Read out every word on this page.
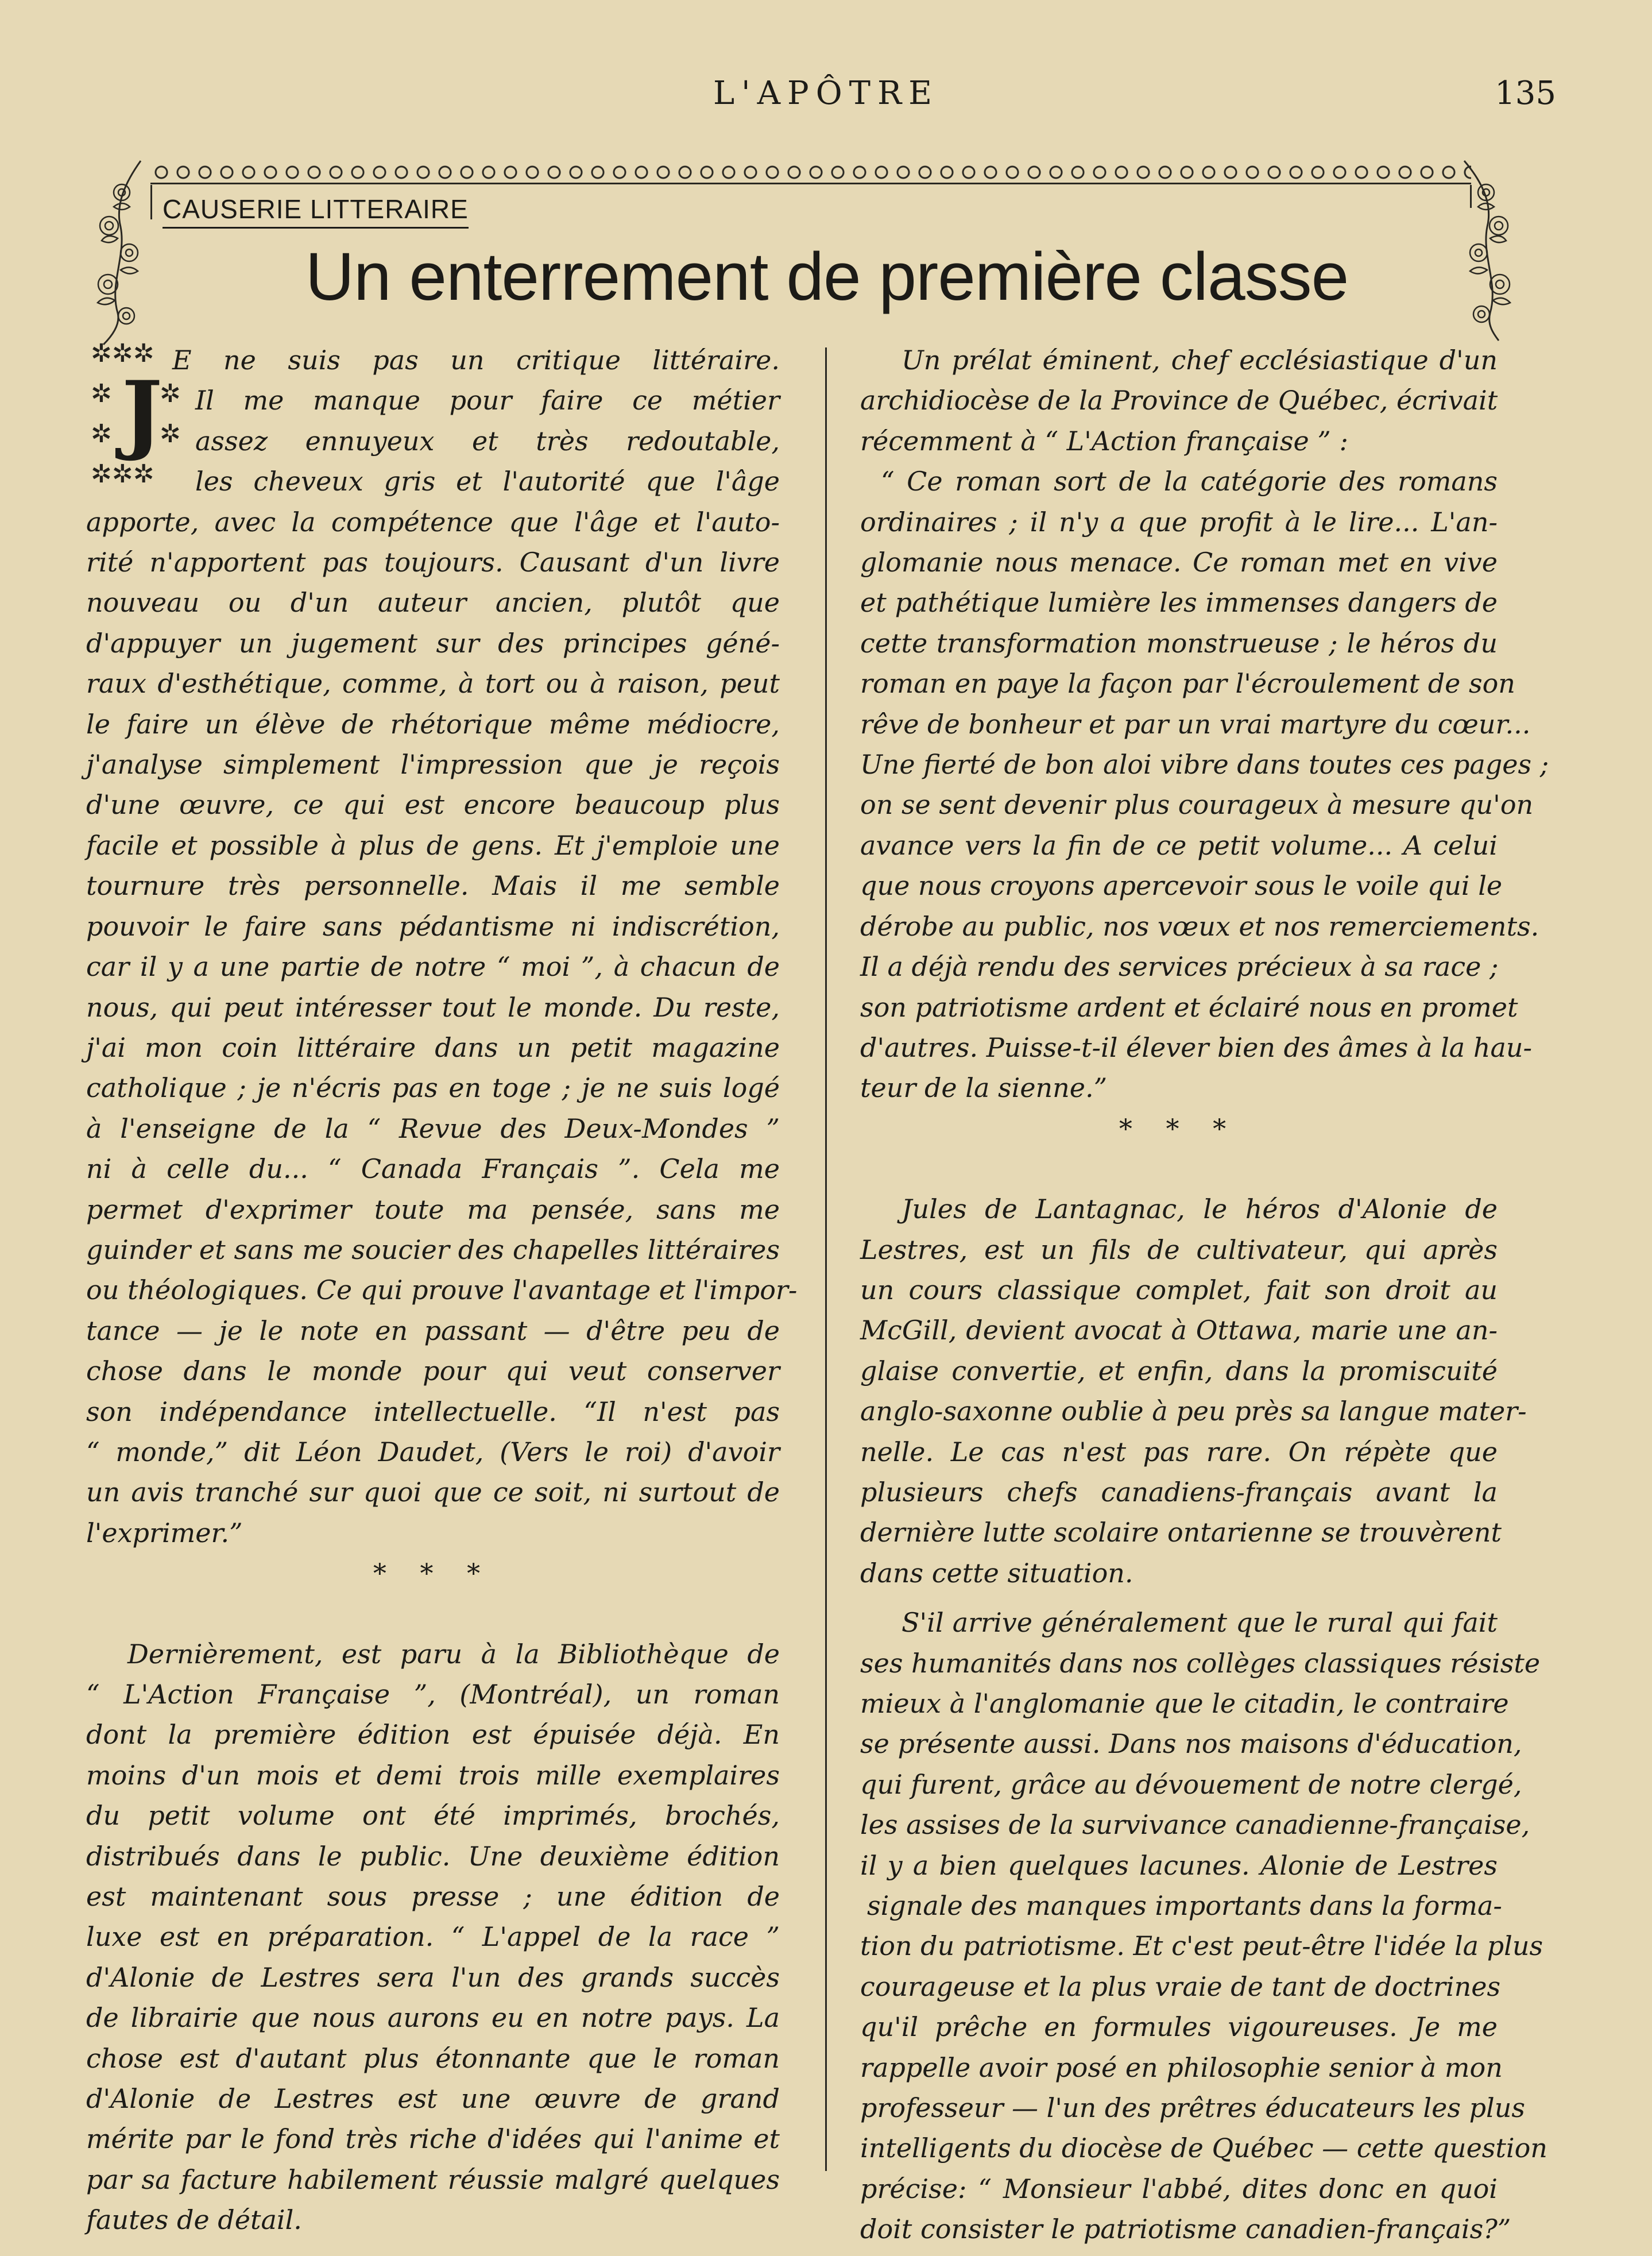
L'APÔTRE	135
CAUSERIE LITTERAIRE
Un enterrement de première classe
✲✲✲
✲ ✲
✲ ✲
✲✲✲
J
E ne suis pas un critique littéraire.
Il me manque pour faire ce métier
assez ennuyeux et très redoutable,
les cheveux gris et l'autorité que l'âge
apporte, avec la compétence que l'âge et l'auto-
rité n'apportent pas toujours. Causant d'un livre
nouveau ou d'un auteur ancien, plutôt que
d'appuyer un jugement sur des principes géné-
raux d'esthétique, comme, à tort ou à raison, peut
le faire un élève de rhétorique même médiocre,
j'analyse simplement l'impression que je reçois
d'une œuvre, ce qui est encore beaucoup plus
facile et possible à plus de gens. Et j'emploie une
tournure très personnelle. Mais il me semble
pouvoir le faire sans pédantisme ni indiscrétion,
car il y a une partie de notre “ moi ”, à chacun de
nous, qui peut intéresser tout le monde. Du reste,
j'ai mon coin littéraire dans un petit magazine
catholique ; je n'écris pas en toge ; je ne suis logé
à l'enseigne de la “ Revue des Deux-Mondes ”
ni à celle du... “ Canada Français ”. Cela me
permet d'exprimer toute ma pensée, sans me
guinder et sans me soucier des chapelles littéraires
ou théologiques. Ce qui prouve l'avantage et l'impor-
tance — je le note en passant — d'être peu de
chose dans le monde pour qui veut conserver
son indépendance intellectuelle. “Il n'est pas
“ monde,” dit Léon Daudet, (Vers le roi) d'avoir
un avis tranché sur quoi que ce soit, ni surtout de
l'exprimer.”
* * *
Dernièrement, est paru à la Bibliothèque de
“ L'Action Française ”, (Montréal), un roman
dont la première édition est épuisée déjà. En
moins d'un mois et demi trois mille exemplaires
du petit volume ont été imprimés, brochés,
distribués dans le public. Une deuxième édition
est maintenant sous presse ; une édition de
luxe est en préparation. “ L'appel de la race ”
d'Alonie de Lestres sera l'un des grands succès
de librairie que nous aurons eu en notre pays. La
chose est d'autant plus étonnante que le roman
d'Alonie de Lestres est une œuvre de grand
mérite par le fond très riche d'idées qui l'anime et
par sa facture habilement réussie malgré quelques
fautes de détail.
Un prélat éminent, chef ecclésiastique d'un
archidiocèse de la Province de Québec, écrivait
récemment à “ L'Action française ” :
“ Ce roman sort de la catégorie des romans
ordinaires ; il n'y a que profit à le lire... L'an-
glomanie nous menace. Ce roman met en vive
et pathétique lumière les immenses dangers de
cette transformation monstrueuse ; le héros du
roman en paye la façon par l'écroulement de son
rêve de bonheur et par un vrai martyre du cœur...
Une fierté de bon aloi vibre dans toutes ces pages ;
on se sent devenir plus courageux à mesure qu'on
avance vers la fin de ce petit volume... A celui
que nous croyons apercevoir sous le voile qui le
dérobe au public, nos vœux et nos remerciements.
Il a déjà rendu des services précieux à sa race ;
son patriotisme ardent et éclairé nous en promet
d'autres. Puisse-t-il élever bien des âmes à la hau-
teur de la sienne.”
* * *
Jules de Lantagnac, le héros d'Alonie de
Lestres, est un fils de cultivateur, qui après
un cours classique complet, fait son droit au
McGill, devient avocat à Ottawa, marie une an-
glaise convertie, et enfin, dans la promiscuité
anglo-saxonne oublie à peu près sa langue mater-
nelle. Le cas n'est pas rare. On répète que
plusieurs chefs canadiens-français avant la
dernière lutte scolaire ontarienne se trouvèrent
dans cette situation.
S'il arrive généralement que le rural qui fait
ses humanités dans nos collèges classiques résiste
mieux à l'anglomanie que le citadin, le contraire
se présente aussi. Dans nos maisons d'éducation,
qui furent, grâce au dévouement de notre clergé,
les assises de la survivance canadienne-française,
il y a bien quelques lacunes. Alonie de Lestres
signale des manques importants dans la forma-
tion du patriotisme. Et c'est peut-être l'idée la plus
courageuse et la plus vraie de tant de doctrines
qu'il prêche en formules vigoureuses. Je me
rappelle avoir posé en philosophie senior à mon
professeur — l'un des prêtres éducateurs les plus
intelligents du diocèse de Québec — cette question
précise: “ Monsieur l'abbé, dites donc en quoi
doit consister le patriotisme canadien-français?”
